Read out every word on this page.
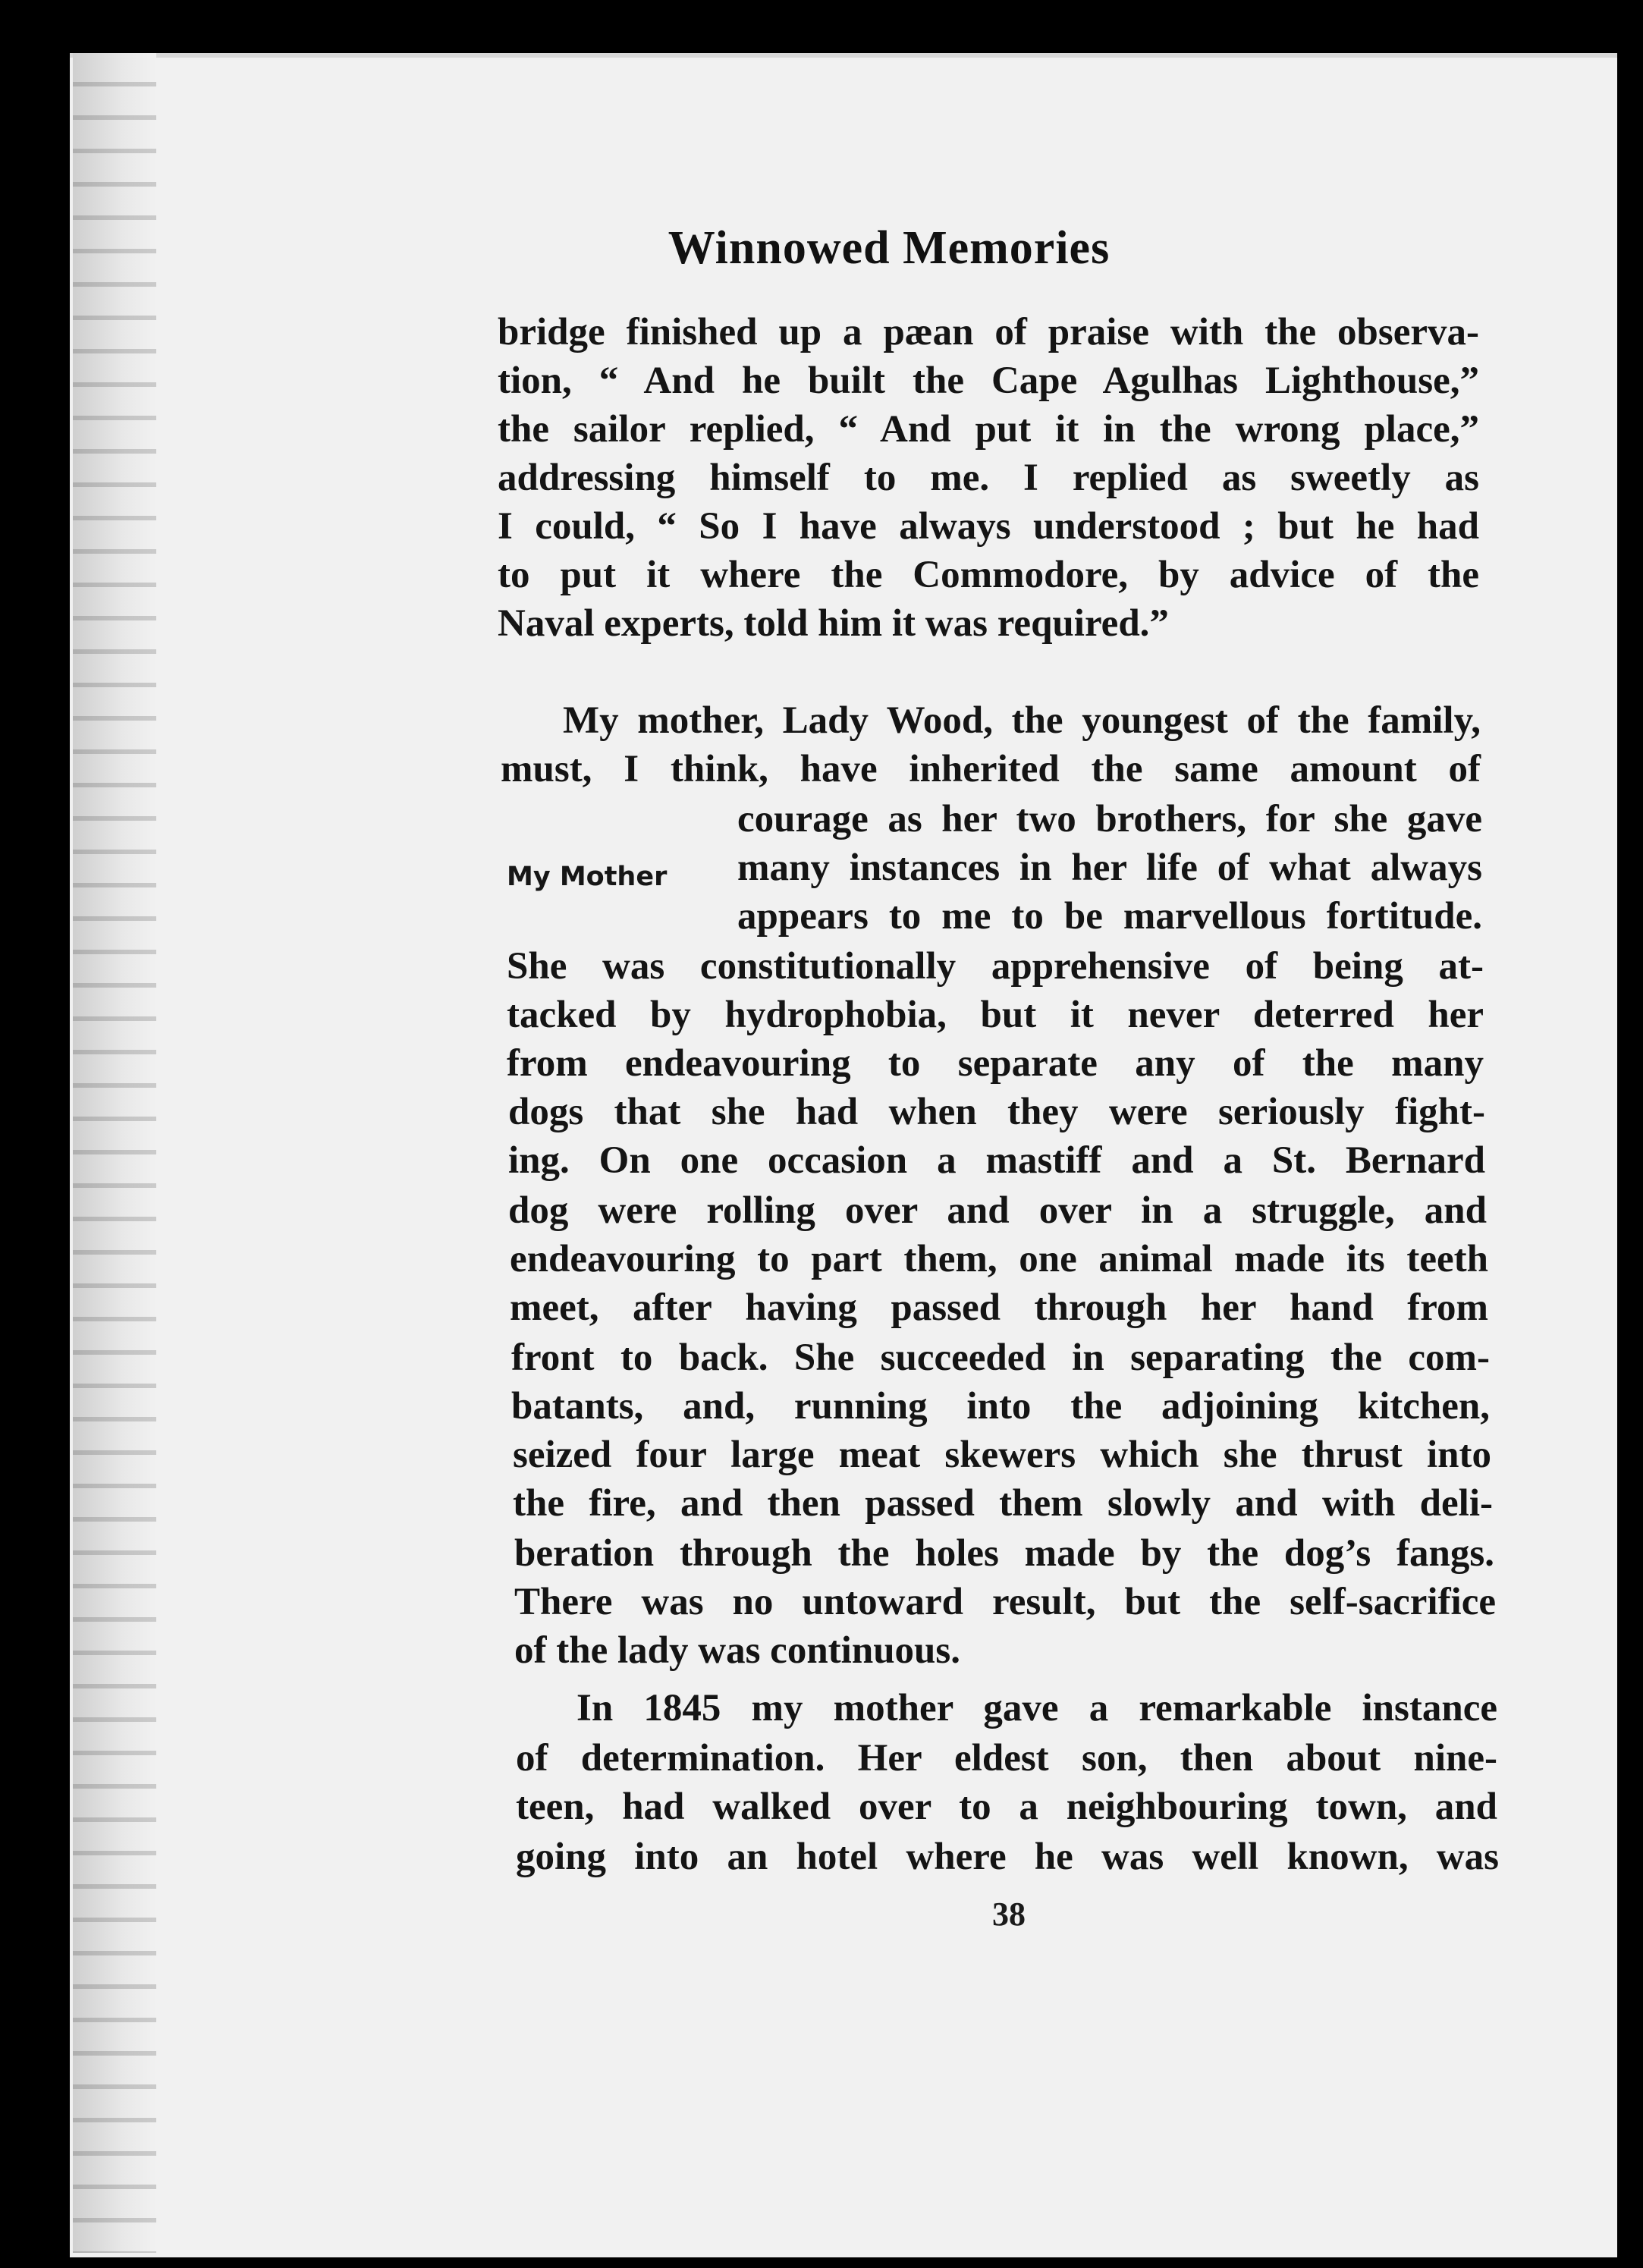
Winnowed Memories
bridge finished up a pæan of praise with the observa-
tion, “ And he built the Cape Agulhas Lighthouse,”
the sailor replied, “ And put it in the wrong place,”
addressing himself to me. I replied as sweetly as
I could, “ So I have always understood ; but he had
to put it where the Commodore, by advice of the
Naval experts, told him it was required.”
My mother, Lady Wood, the youngest of the family,
must, I think, have inherited the same amount of
My Mother
courage as her two brothers, for she gave
many instances in her life of what always
appears to me to be marvellous fortitude.
She was constitutionally apprehensive of being at-
tacked by hydrophobia, but it never deterred her
from endeavouring to separate any of the many
dogs that she had when they were seriously fight-
ing. On one occasion a mastiff and a St. Bernard
dog were rolling over and over in a struggle, and
endeavouring to part them, one animal made its teeth
meet, after having passed through her hand from
front to back. She succeeded in separating the com-
batants, and, running into the adjoining kitchen,
seized four large meat skewers which she thrust into
the fire, and then passed them slowly and with deli-
beration through the holes made by the dog’s fangs.
There was no untoward result, but the self-sacrifice
of the lady was continuous.
In 1845 my mother gave a remarkable instance
of determination. Her eldest son, then about nine-
teen, had walked over to a neighbouring town, and
going into an hotel where he was well known, was
38
